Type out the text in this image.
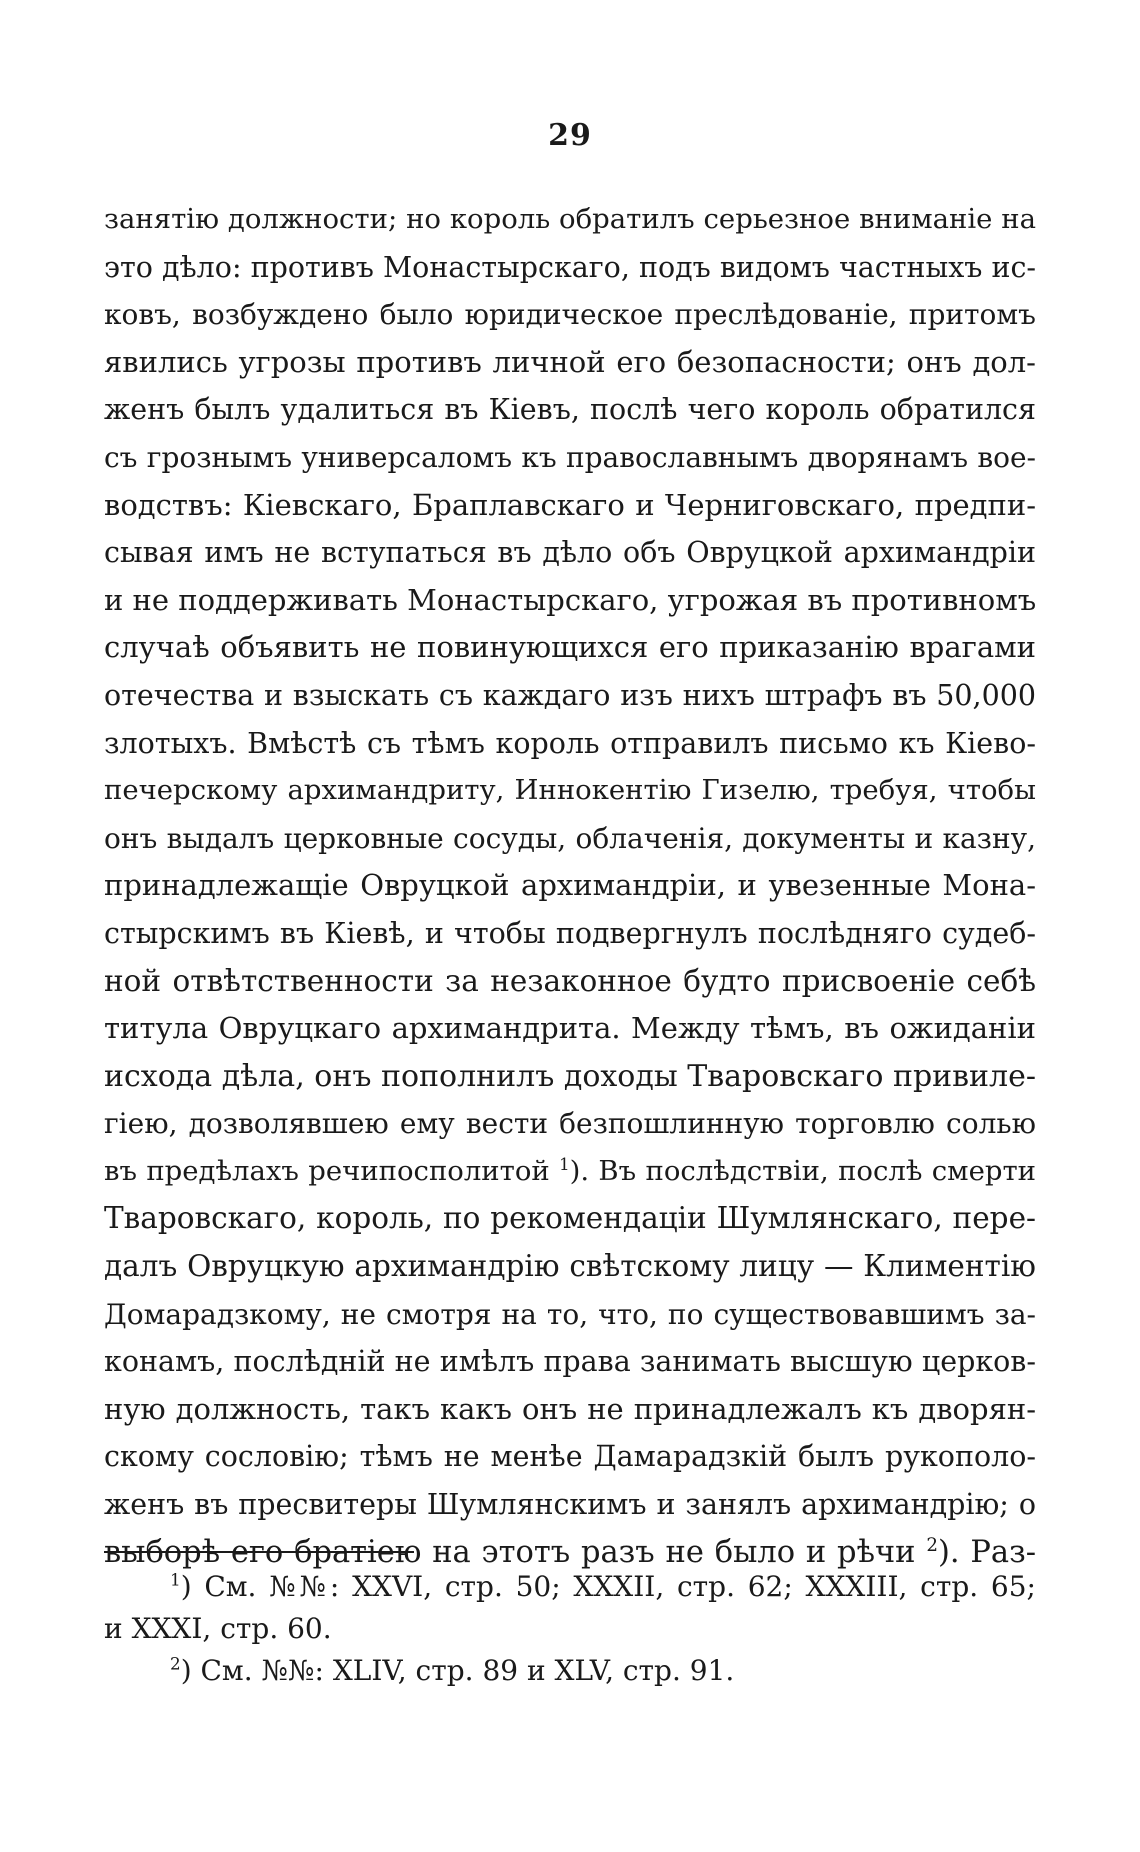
29
занятiю должности; но король обратилъ серьезное вниманiе на
это дѣло: противъ Монастырскаго, подъ видомъ частныхъ ис-
ковъ, возбуждено было юридическое преслѣдованiе, притомъ
явились угрозы противъ личной его безопасности; онъ дол-
женъ былъ удалиться въ Кiевъ, послѣ чего король обратился
съ грознымъ универсаломъ къ православнымъ дворянамъ вое-
водствъ: Кiевскаго, Браплавскаго и Черниговскаго, предпи-
сывая имъ не вступаться въ дѣло объ Овруцкой архимандрiи
и не поддерживать Монастырскаго, угрожая въ противномъ
случаѣ объявить не повинующихся его приказанiю врагами
отечества и взыскать съ каждаго изъ нихъ штрафъ въ 50,000
злотыхъ. Вмѣстѣ съ тѣмъ король отправилъ письмо къ Кiево-
печерскому архимандриту, Иннокентiю Гизелю, требуя, чтобы
онъ выдалъ церковные сосуды, облаченiя, документы и казну,
принадлежащiе Овруцкой архимандрiи, и увезенные Мона-
стырскимъ въ Кiевѣ, и чтобы подвергнулъ послѣдняго судеб-
ной отвѣтственности за незаконное будто присвоенiе себѣ
титула Овруцкаго архимандрита. Между тѣмъ, въ ожиданiи
исхода дѣла, онъ пополнилъ доходы Тваровскаго привиле-
гiею, дозволявшею ему вести безпошлинную торговлю солью
въ предѣлахъ речипосполитой $^1$). Въ послѣдствiи, послѣ смерти
Тваровскаго, король, по рекомендацiи Шумлянскаго, пере-
далъ Овруцкую архимандрiю свѣтскому лицу — Климентiю
Домарадзкому, не смотря на то, что, по существовавшимъ за-
конамъ, послѣднiй не имѣлъ права занимать высшую церков-
ную должность, такъ какъ онъ не принадлежалъ къ дворян-
скому сословiю; тѣмъ не менѣе Дамарадзкiй былъ рукополо-
женъ въ пресвитеры Шумлянскимъ и занялъ архимандрiю; о
выборѣ его братiею на этотъ разъ не было и рѣчи $^2$). Раз-
$^1$) См. №№: XXVI, стр. 50; XXXII, стр. 62; XXXIII, стр. 65;
и XXXI, стр. 60.
$^2$) См. №№: XLIV, стр. 89 и XLV, стр. 91.
